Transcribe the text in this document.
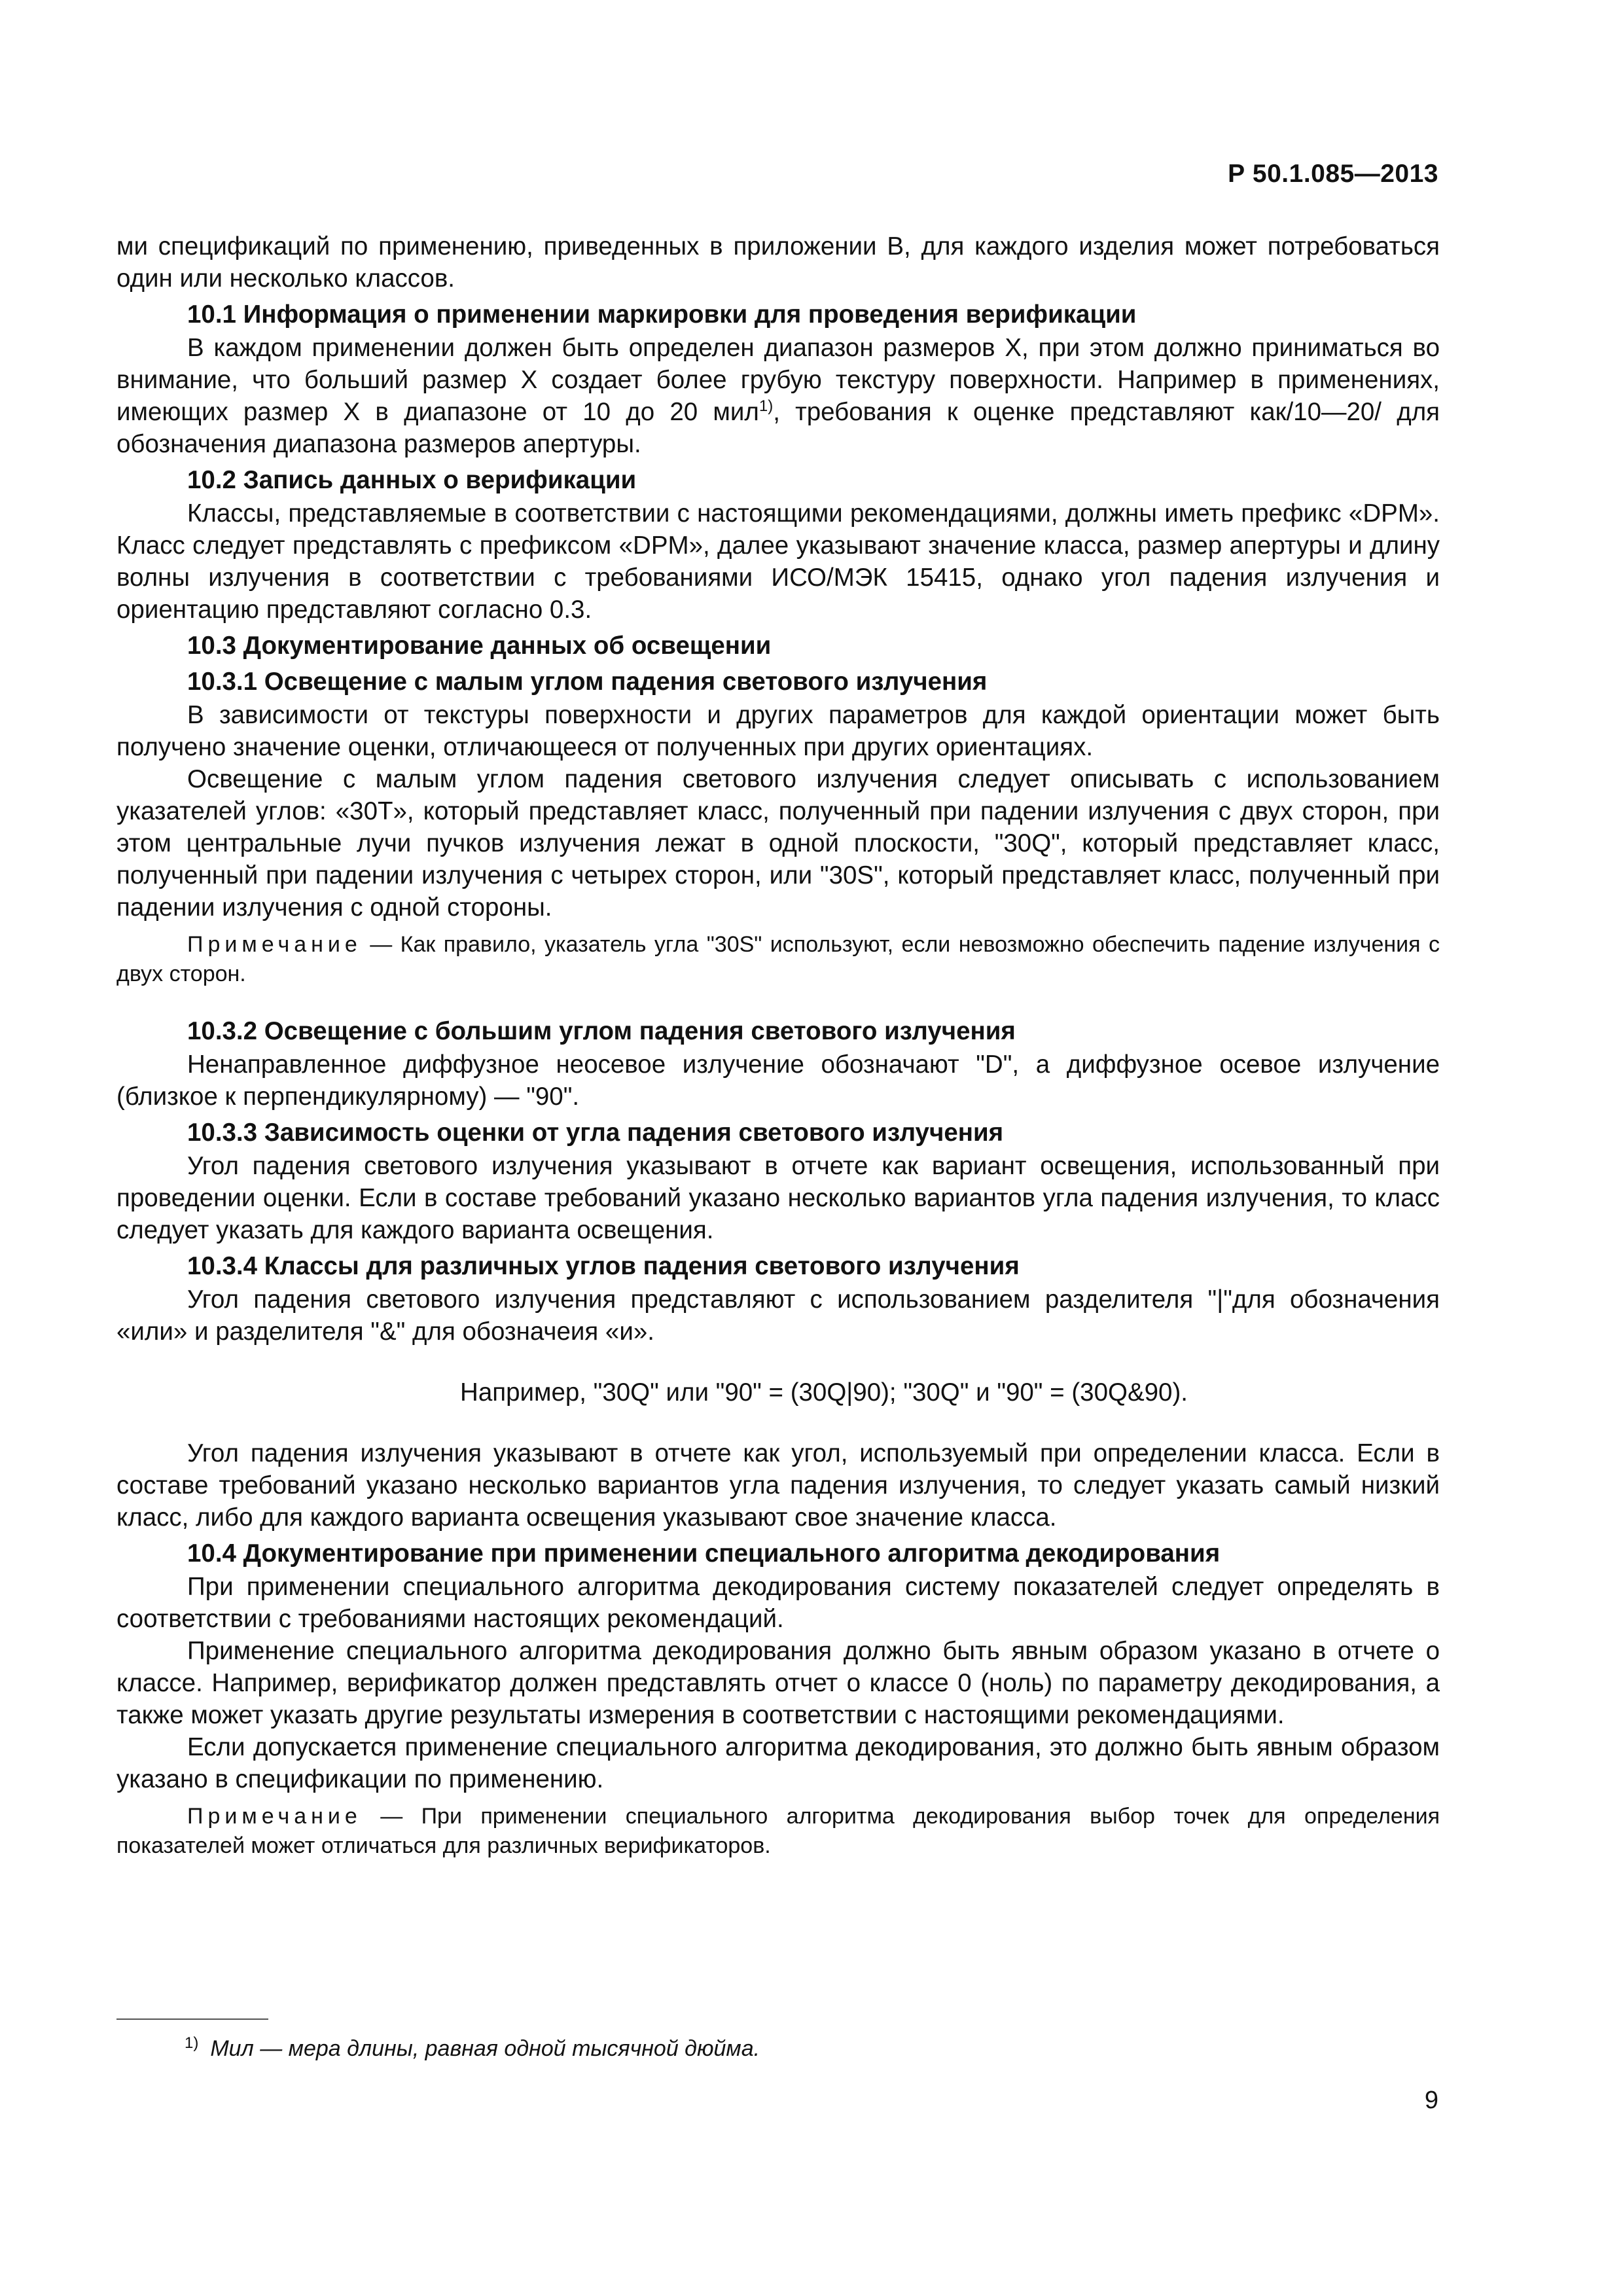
Р 50.1.085—2013

ми спецификаций по применению, приведенных в приложении В, для каждого изделия может потребоваться один или несколько классов.

10.1 Информация о применении маркировки для проведения верификации

В каждом применении должен быть определен диапазон размеров X, при этом должно приниматься во внимание, что больший размер X создает более грубую текстуру поверхности. Например в применениях, имеющих размер X в диапазоне от 10 до 20 мил$^{1)}$, требования к оценке представляют как/10—20/ для обозначения диапазона размеров апертуры.

10.2 Запись данных о верификации

Классы, представляемые в соответствии с настоящими рекомендациями, должны иметь префикс «DPM». Класс следует представлять с префиксом «DPM», далее указывают значение класса, размер апертуры и длину волны излучения в соответствии с требованиями ИСО/МЭК 15415, однако угол падения излучения и ориентацию представляют согласно 0.3.

10.3 Документирование данных об освещении
10.3.1 Освещение с малым углом падения светового излучения

В зависимости от текстуры поверхности и других параметров для каждой ориентации может быть получено значение оценки, отличающееся от полученных при других ориентациях.

Освещение с малым углом падения светового излучения следует описывать с использованием указателей углов: «30T», который представляет класс, полученный при падении излучения с двух сторон, при этом центральные лучи пучков излучения лежат в одной плоскости, "30Q", который представляет класс, полученный при падении излучения с четырех сторон, или "30S", который представляет класс, полученный при падении излучения с одной стороны.

Примечание — Как правило, указатель угла "30S" используют, если невозможно обеспечить падение излучения с двух сторон.

10.3.2 Освещение с большим углом падения светового излучения

Ненаправленное диффузное неосевое излучение обозначают "D", а диффузное осевое излучение (близкое к перпендикулярному) — "90".

10.3.3 Зависимость оценки от угла падения светового излучения

Угол падения светового излучения указывают в отчете как вариант освещения, использованный при проведении оценки. Если в составе требований указано несколько вариантов угла падения излучения, то класс следует указать для каждого варианта освещения.

10.3.4 Классы для различных углов падения светового излучения

Угол падения светового излучения представляют с использованием разделителя "|"для обозначения «или» и разделителя "&" для обозначеия «и».

Например, "30Q" или "90" = (30Q|90); "30Q" и "90" = (30Q&90).

Угол падения излучения указывают в отчете как угол, используемый при определении класса. Если в составе требований указано несколько вариантов угла падения излучения, то следует указать самый низкий класс, либо для каждого варианта освещения указывают свое значение класса.

10.4 Документирование при применении специального алгоритма декодирования

При применении специального алгоритма декодирования систему показателей следует определять в соответствии с требованиями настоящих рекомендаций.

Применение специального алгоритма декодирования должно быть явным образом указано в отчете о классе. Например, верификатор должен представлять отчет о классе 0 (ноль) по параметру декодирования, а также может указать другие результаты измерения в соответствии с настоящими рекомендациями.

Если допускается применение специального алгоритма декодирования, это должно быть явным образом указано в спецификации по применению.

Примечание — При применении специального алгоритма декодирования выбор точек для определения показателей может отличаться для различных верификаторов.

$^{1)}$ Мил — мера длины, равная одной тысячной дюйма.
9
